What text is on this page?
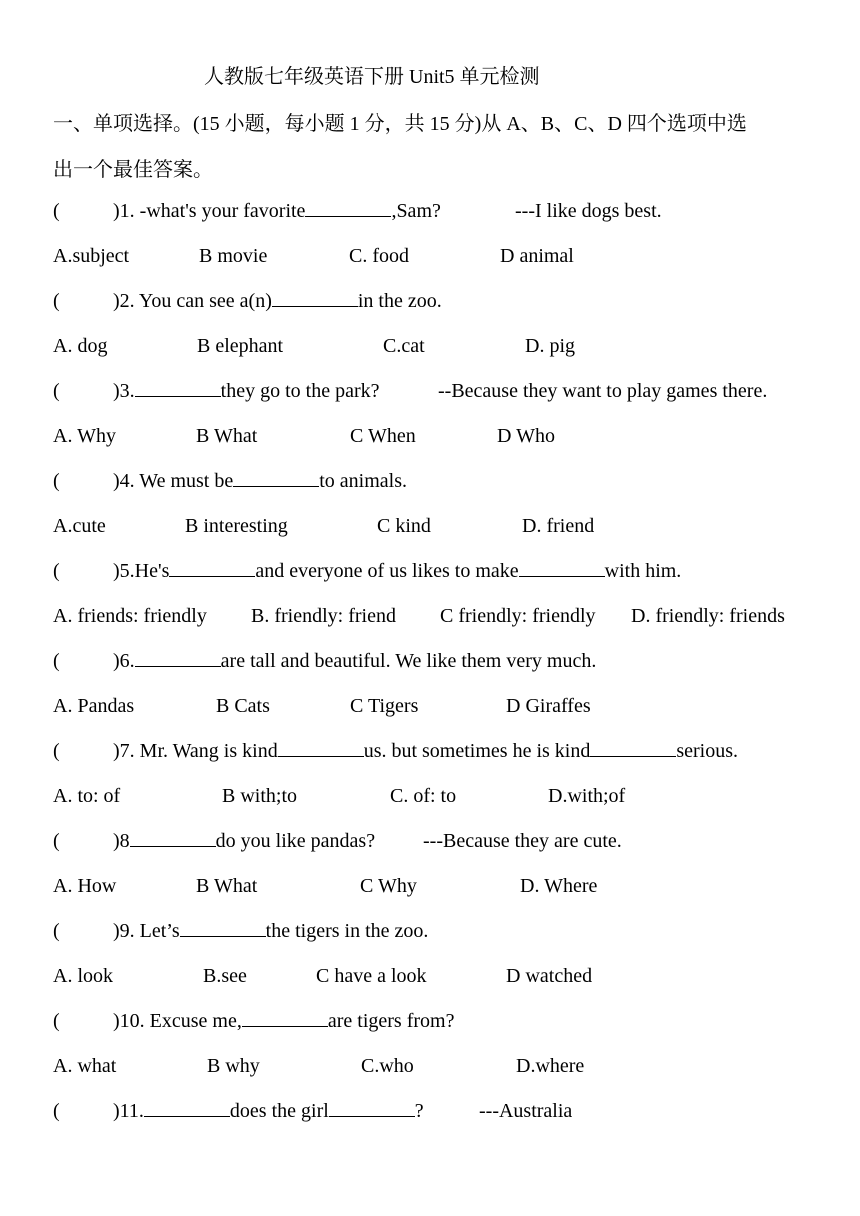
人教版七年级英语下册 Unit5 单元检测
一、单项选择。(15 小题，每小题 1 分，共 15 分)从 A、B、C、D 四个选项中选
出一个最佳答案。
(	)1. -what's your favorite	,Sam?	---I like dogs best.
A.subject	B movie	C. food	D animal
(	)2. You can see a(n)	in the zoo.
A. dog	B elephant	C.cat	D. pig
(	)3.	they go to the park?	--Because they want to play games there.
A. Why	B What	C When	D Who
(	)4. We must be	to animals.
A.cute	B interesting	C kind	D. friend
(	)5.He's	and everyone of us likes to make	with him.
A. friends: friendly B. friendly: friend C friendly: friendly D. friendly: friends
(	)6.	are tall and beautiful. We like them very much.
A. Pandas	B Cats	C Tigers	D Giraffes
(	)7. Mr. Wang is kind	us. but sometimes he is kind	serious.
A. to: of	B with;to	C. of: to	D.with;of
(	)8	do you like pandas? ---Because they are cute.
A. How	B What	C Why	D. Where
(	)9. Let’s	the tigers in the zoo.
A. look	B.see	C have a look	D watched
(	)10. Excuse me,	are tigers from?
A. what	B why	C.who	D.where
(	)11.	does the girl	?	---Australia
